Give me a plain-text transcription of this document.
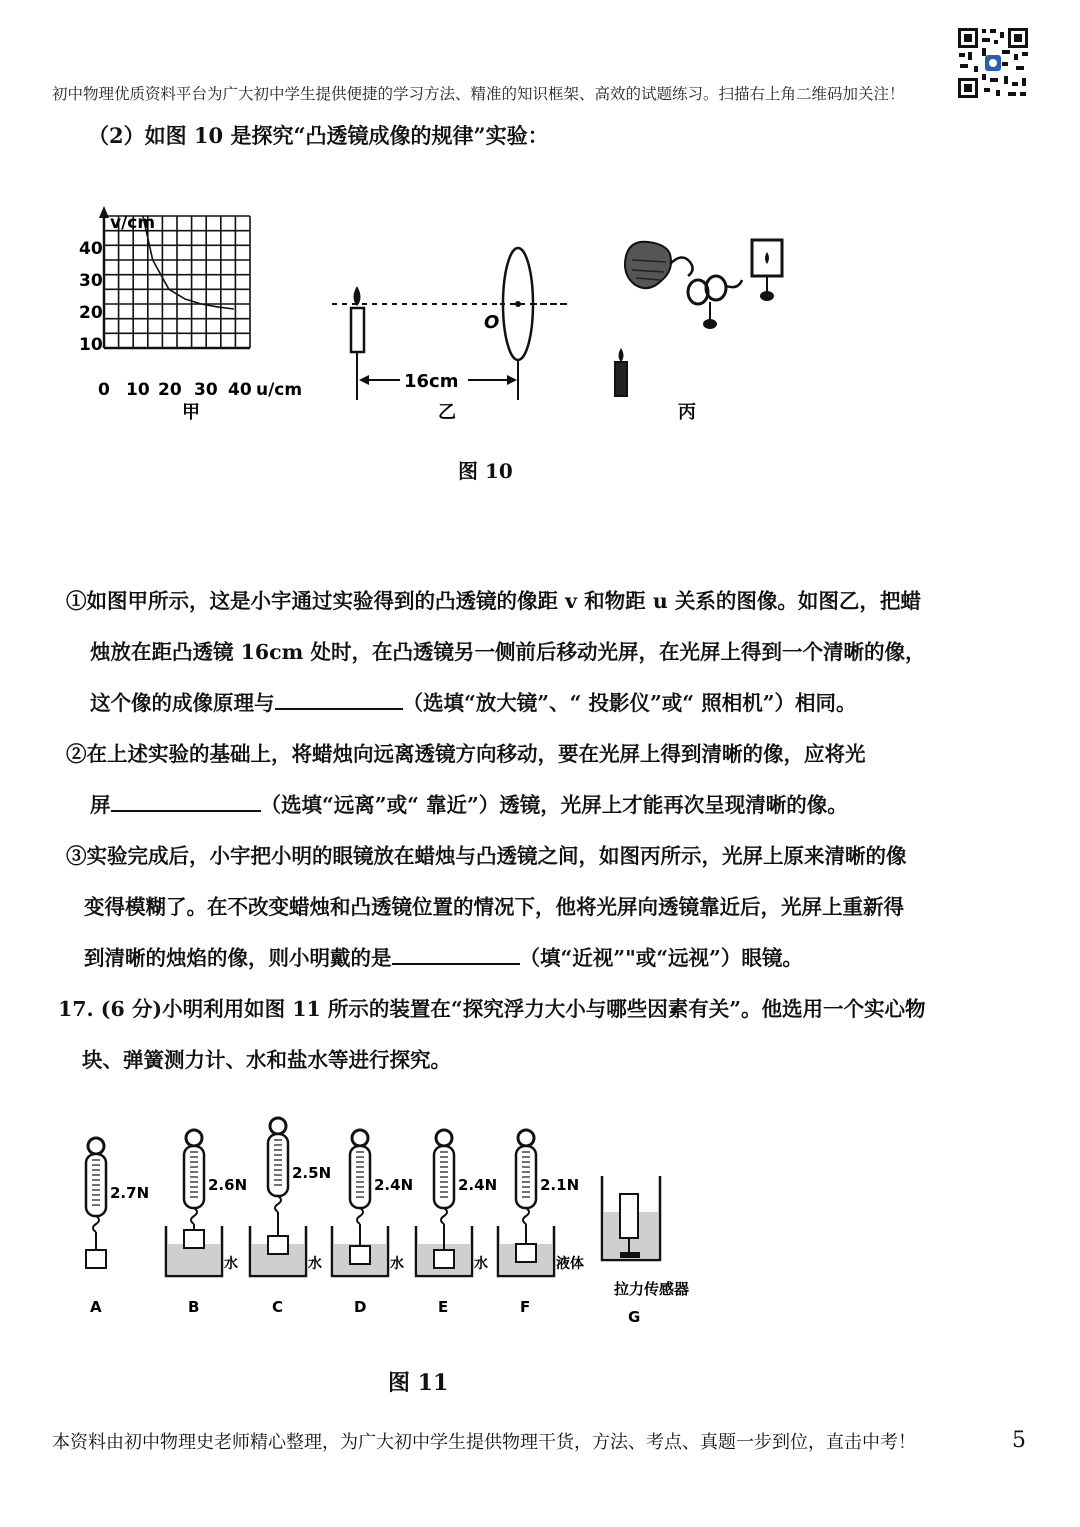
初中物理优质资料平台为广大初中学生提供便捷的学习方法、精准的知识框架、高效的试题练习。扫描右上角二维码加关注！
（2）如图 10 是探究“凸透镜成像的规律”实验：
v/cm
u/cm
40
30
20
10
0 10 20 30 40
甲
O
16cm
乙	丙
图 10
①如图甲所示，这是小宇通过实验得到的凸透镜的像距 v 和物距 u 关系的图像。如图乙，把蜡
烛放在距凸透镜 16cm 处时，在凸透镜另一侧前后移动光屏，在光屏上得到一个清晰的像，
这个像的成像原理与	（选填“放大镜”、“ 投影仪”或“ 照相机”）相同。
②在上述实验的基础上，将蜡烛向远离透镜方向移动，要在光屏上得到清晰的像，应将光
屏	（选填“远离”或“ 靠近”）透镜，光屏上才能再次呈现清晰的像。
③实验完成后，小宇把小明的眼镜放在蜡烛与凸透镜之间，如图丙所示，光屏上原来清晰的像
变得模糊了。在不改变蜡烛和凸透镜位置的情况下，他将光屏向透镜靠近后，光屏上重新得
到清晰的烛焰的像，则小明戴的是	（填“近视”"或“远视”）眼镜。
17. (6 分)小明利用如图 11 所示的装置在“探究浮力大小与哪些因素有关”。他选用一个实心物
块、弹簧测力计、水和盐水等进行探究。
A
2.7N
B
2.6N
水
C
2.5N
水
D
2.4N
水
E
2.4N
水
F
2.1N
液体
G
拉力传感器
图 11
本资料由初中物理史老师精心整理，为广大初中学生提供物理干货，方法、考点、真题一步到位，直击中考！	5
